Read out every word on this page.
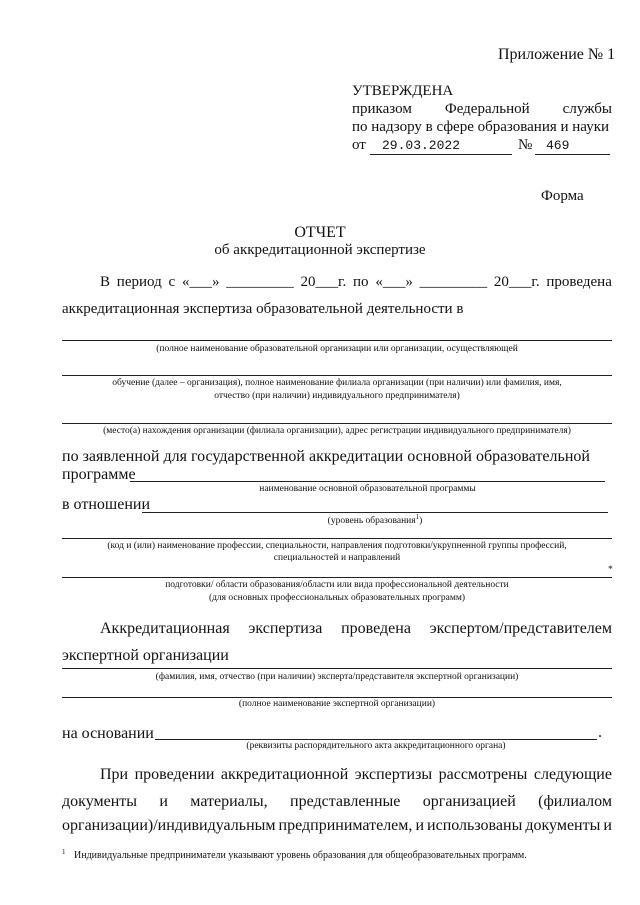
Приложение № 1
УТВЕРЖДЕНА
приказом Федеральной службы
по надзору в сфере образования и науки
от 29.03.2022	№ 469
Форма
ОТЧЕТ
об аккредитационной экспертизе
В период с «___» _________ 20___г. по «___» _________ 20___г. проведена
аккредитационная экспертиза образовательной деятельности в
(полное наименование образовательной организации или организации, осуществляющей
обучение (далее – организация), полное наименование филиала организации (при наличии) или фамилия, имя,
отчество (при наличии) индивидуального предпринимателя)
(место(а) нахождения организации (филиала организации), адрес регистрации индивидуального предпринимателя)
по заявленной для государственной аккредитации основной образовательной
программе
наименование основной образовательной программы
в отношении
(уровень образования$^1$)
(код и (или) наименование профессии, специальности, направления подготовки/укрупненной группы профессий,
специальностей и направлений
*
подготовки/ области образования/области или вида профессиональной деятельности
(для основных профессиональных образовательных программ)
Аккредитационная экспертиза проведена экспертом/представителем
экспертной организации
(фамилия, имя, отчество (при наличии) эксперта/представителя экспертной организации)
(полное наименование экспертной организации)
на основании	.
(реквизиты распорядительного акта аккредитационного органа)
При проведении аккредитационной экспертизы рассмотрены следующие
документы и материалы, представленные организацией (филиалом
организации)/индивидуальным предпринимателем, и использованы документы и
$^1$ Индивидуальные предприниматели указывают уровень образования для общеобразовательных программ.
